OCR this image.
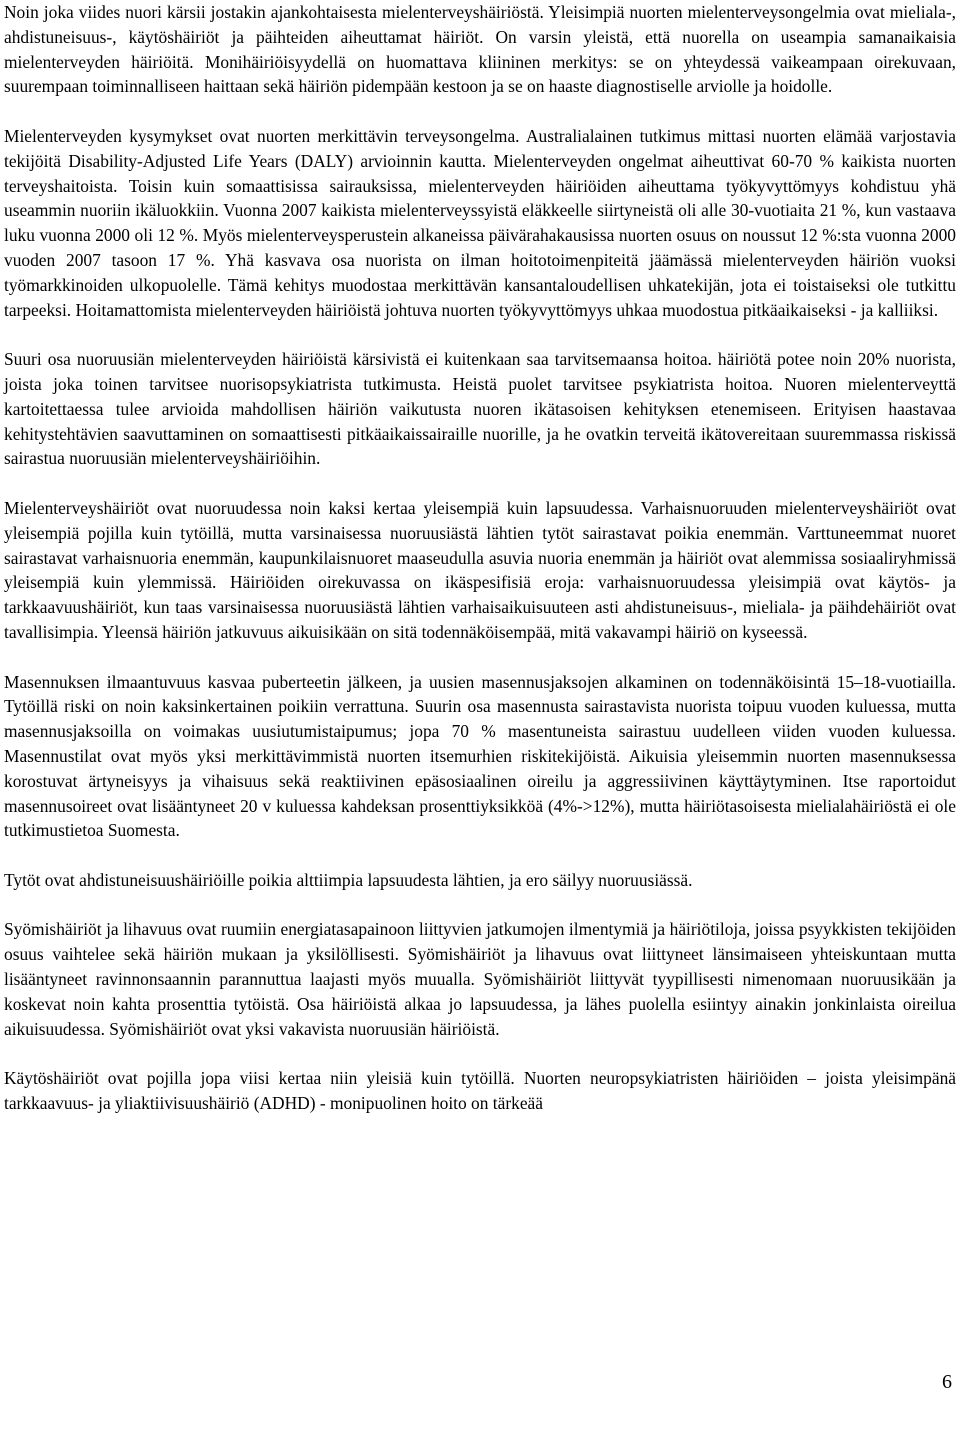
Noin joka viides nuori kärsii jostakin ajankohtaisesta mielenterveyshäiriöstä. Yleisimpiä nuorten mielenterveysongelmia ovat mieliala-, ahdistuneisuus-, käytöshäiriöt ja päihteiden aiheuttamat häiriöt. On varsin yleistä, että nuorella on useampia samanaikaisia mielenterveyden häiriöitä. Monihäiriöisyydellä on huomattava kliininen merkitys: se on yhteydessä vaikeampaan oirekuvaan, suurempaan toiminnalliseen haittaan sekä häiriön pidempään kestoon ja se on haaste diagnostiselle arviolle ja hoidolle.

Mielenterveyden kysymykset ovat nuorten merkittävin terveysongelma. Australialainen tutkimus mittasi nuorten elämää varjostavia tekijöitä Disability-Adjusted Life Years (DALY) arvioinnin kautta. Mielenterveyden ongelmat aiheuttivat 60-70 % kaikista nuorten terveyshaitoista. Toisin kuin somaattisissa sairauksissa, mielenterveyden häiriöiden aiheuttama työkyvyttömyys kohdistuu yhä useammin nuoriin ikäluokkiin. Vuonna 2007 kaikista mielenterveyssyistä eläkkeelle siirtyneistä oli alle 30-vuotiaita 21 %, kun vastaava luku vuonna 2000 oli 12 %. Myös mielenterveysperustein alkaneissa päivärahakausissa nuorten osuus on noussut 12 %:sta vuonna 2000 vuoden 2007 tasoon 17 %. Yhä kasvava osa nuorista on ilman hoitotoimenpiteitä jäämässä mielenterveyden häiriön vuoksi työmarkkinoiden ulkopuolelle. Tämä kehitys muodostaa merkittävän kansantaloudellisen uhkatekijän, jota ei toistaiseksi ole tutkittu tarpeeksi. Hoitamattomista mielenterveyden häiriöistä johtuva nuorten työkyvyttömyys uhkaa muodostua pitkäaikaiseksi - ja kalliiksi.

Suuri osa nuoruusiän mielenterveyden häiriöistä kärsivistä ei kuitenkaan saa tarvitsemaansa hoitoa. häiriötä potee noin 20% nuorista, joista joka toinen tarvitsee nuorisopsykiatrista tutkimusta. Heistä puolet tarvitsee psykiatrista hoitoa. Nuoren mielenterveyttä kartoitettaessa tulee arvioida mahdollisen häiriön vaikutusta nuoren ikätasoisen kehityksen etenemiseen. Erityisen haastavaa kehitystehtävien saavuttaminen on somaattisesti pitkäaikaissairaille nuorille, ja he ovatkin terveitä ikätovereitaan suuremmassa riskissä sairastua nuoruusiän mielenterveyshäiriöihin.

Mielenterveyshäiriöt ovat nuoruudessa noin kaksi kertaa yleisempiä kuin lapsuudessa. Varhaisnuoruuden mielenterveyshäiriöt ovat yleisempiä pojilla kuin tytöillä, mutta varsinaisessa nuoruusiästä lähtien tytöt sairastavat poikia enemmän. Varttuneemmat nuoret sairastavat varhaisnuoria enemmän, kaupunkilaisnuoret maaseudulla asuvia nuoria enemmän ja häiriöt ovat alemmissa sosiaaliryhmissä yleisempiä kuin ylemmissä. Häiriöiden oirekuvassa on ikäspesifisiä eroja: varhaisnuoruudessa yleisimpiä ovat käytös- ja tarkkaavuushäiriöt, kun taas varsinaisessa nuoruusiästä lähtien varhaisaikuisuuteen asti ahdistuneisuus-, mieliala- ja päihdehäiriöt ovat tavallisimpia. Yleensä häiriön jatkuvuus aikuisikään on sitä todennäköisempää, mitä vakavampi häiriö on kyseessä.

Masennuksen ilmaantuvuus kasvaa puberteetin jälkeen, ja uusien masennusjaksojen alkaminen on todennäköisintä 15–18-vuotiailla. Tytöillä riski on noin kaksinkertainen poikiin verrattuna. Suurin osa masennusta sairastavista nuorista toipuu vuoden kuluessa, mutta masennusjaksoilla on voimakas uusiutumistaipumus; jopa 70 % masentuneista sairastuu uudelleen viiden vuoden kuluessa. Masennustilat ovat myös yksi merkittävimmistä nuorten itsemurhien riskitekijöistä. Aikuisia yleisemmin nuorten masennuksessa korostuvat ärtyneisyys ja vihaisuus sekä reaktiivinen epäsosiaalinen oireilu ja aggressiivinen käyttäytyminen. Itse raportoidut masennusoireet ovat lisääntyneet 20 v kuluessa kahdeksan prosenttiyksikköä (4%->12%), mutta häiriötasoisesta mielialahäiriöstä ei ole tutkimustietoa Suomesta.

Tytöt ovat ahdistuneisuushäiriöille poikia alttiimpia lapsuudesta lähtien, ja ero säilyy nuoruusiässä.

Syömishäiriöt ja lihavuus ovat ruumiin energiatasapainoon liittyvien jatkumojen ilmentymiä ja häiriötiloja, joissa psyykkisten tekijöiden osuus vaihtelee sekä häiriön mukaan ja yksilöllisesti. Syömishäiriöt ja lihavuus ovat liittyneet länsimaiseen yhteiskuntaan mutta lisääntyneet ravinnonsaannin parannuttua laajasti myös muualla. Syömishäiriöt liittyvät tyypillisesti nimenomaan nuoruusikään ja koskevat noin kahta prosenttia tytöistä. Osa häiriöistä alkaa jo lapsuudessa, ja lähes puolella esiintyy ainakin jonkinlaista oireilua aikuisuudessa. Syömishäiriöt ovat yksi vakavista nuoruusiän häiriöistä.

Käytöshäiriöt ovat pojilla jopa viisi kertaa niin yleisiä kuin tytöillä. Nuorten neuropsykiatristen häiriöiden – joista yleisimpänä tarkkaavuus- ja yliaktiivisuushäiriö (ADHD) - monipuolinen hoito on tärkeää

6
